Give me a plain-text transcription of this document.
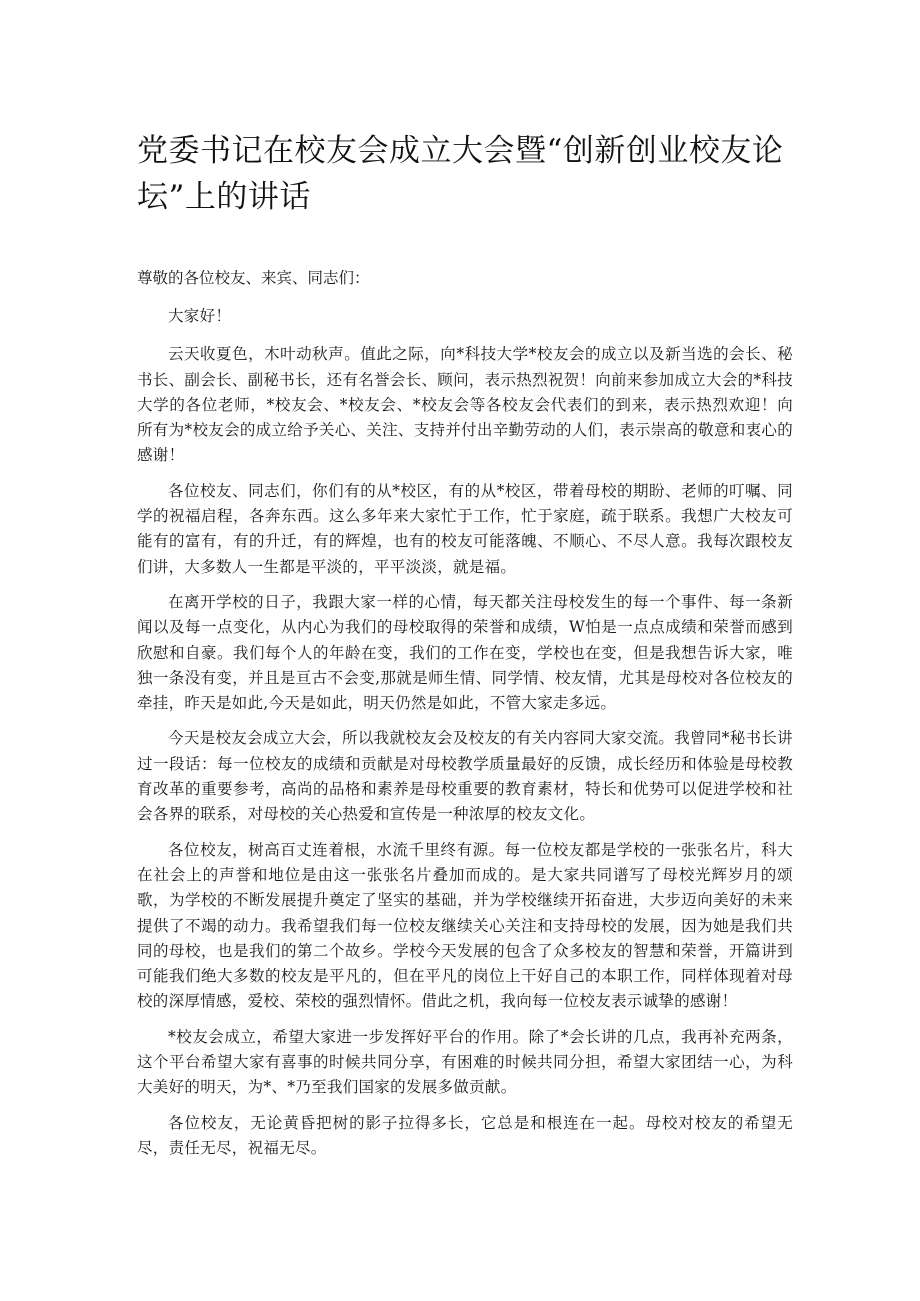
党委书记在校友会成立大会暨“创新创业校友论坛”上的讲话

尊敬的各位校友、来宾、同志们：

大家好！

云天收夏色，木叶动秋声。值此之际，向*科技大学*校友会的成立以及新当选的会长、秘书长、副会长、副秘书长，还有名誉会长、顾问，表示热烈祝贺！向前来参加成立大会的*科技大学的各位老师，*校友会、*校友会、*校友会等各校友会代表们的到来，表示热烈欢迎！向所有为*校友会的成立给予关心、关注、支持并付出辛勤劳动的人们，表示崇高的敬意和衷心的感谢！

各位校友、同志们，你们有的从*校区，有的从*校区，带着母校的期盼、老师的叮嘱、同学的祝福启程，各奔东西。这么多年来大家忙于工作，忙于家庭，疏于联系。我想广大校友可能有的富有，有的升迁，有的辉煌，也有的校友可能落魄、不顺心、不尽人意。我每次跟校友们讲，大多数人一生都是平淡的，平平淡淡，就是福。

在离开学校的日子，我跟大家一样的心情，每天都关注母校发生的每一个事件、每一条新闻以及每一点变化，从内心为我们的母校取得的荣誉和成绩，W怕是一点点成绩和荣誉而感到欣慰和自豪。我们每个人的年龄在变，我们的工作在变，学校也在变，但是我想告诉大家，唯独一条没有变，并且是亘古不会变,那就是师生情、同学情、校友情，尤其是母校对各位校友的牵挂，昨天是如此,今天是如此，明天仍然是如此，不管大家走多远。

今天是校友会成立大会，所以我就校友会及校友的有关内容同大家交流。我曾同*秘书长讲过一段话：每一位校友的成绩和贡献是对母校教学质量最好的反馈，成长经历和体验是母校教育改革的重要参考，高尚的品格和素养是母校重要的教育素材，特长和优势可以促进学校和社会各界的联系，对母校的关心热爱和宣传是一种浓厚的校友文化。

各位校友，树高百丈连着根，水流千里终有源。每一位校友都是学校的一张张名片，科大在社会上的声誉和地位是由这一张张名片叠加而成的。是大家共同谱写了母校光辉岁月的颂歌，为学校的不断发展提升奠定了坚实的基础，并为学校继续开拓奋进，大步迈向美好的未来提供了不竭的动力。我希望我们每一位校友继续关心关注和支持母校的发展，因为她是我们共同的母校，也是我们的第二个故乡。学校今天发展的包含了众多校友的智慧和荣誉，开篇讲到可能我们绝大多数的校友是平凡的，但在平凡的岗位上干好自己的本职工作，同样体现着对母校的深厚情感，爱校、荣校的强烈情怀。借此之机，我向每一位校友表示诚挚的感谢！

*校友会成立，希望大家进一步发挥好平台的作用。除了*会长讲的几点，我再补充两条，这个平台希望大家有喜事的时候共同分享，有困难的时候共同分担，希望大家团结一心，为科大美好的明天，为*、*乃至我们国家的发展多做贡献。

各位校友，无论黄昏把树的影子拉得多长，它总是和根连在一起。母校对校友的希望无尽，责任无尽，祝福无尽。
